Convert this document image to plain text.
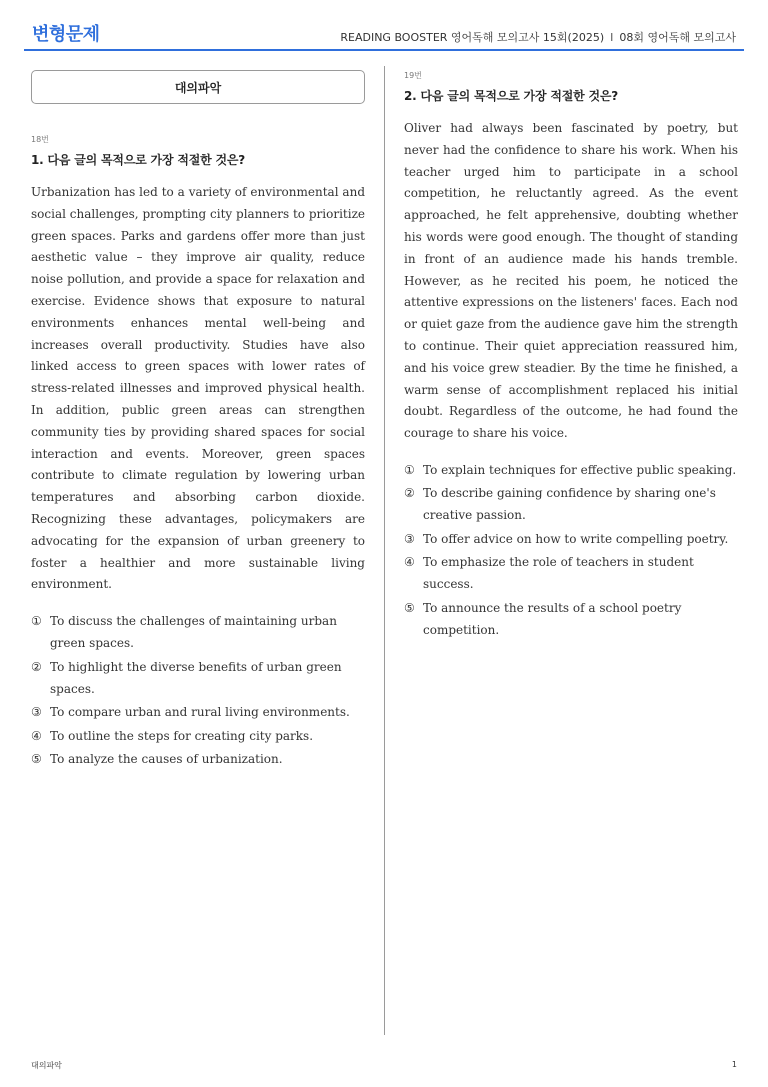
변형문제	READING BOOSTER 영어독해 모의고사 15회(2025) I 08회 영어독해 모의고사
대의파악
18번
1. 다음 글의 목적으로 가장 적절한 것은?

Urbanization has led to a variety of environmental and social challenges, prompting city planners to prioritize green spaces. Parks and gardens offer more than just aesthetic value – they improve air quality, reduce noise pollution, and provide a space for relaxation and exercise. Evidence shows that exposure to natural environments enhances mental well-being and increases overall productivity. Studies have also linked access to green spaces with lower rates of stress-related illnesses and improved physical health. In addition, public green areas can strengthen community ties by providing shared spaces for social interaction and events. Moreover, green spaces contribute to climate regulation by lowering urban temperatures and absorbing carbon dioxide. Recognizing these advantages, policymakers are advocating for the expansion of urban greenery to foster a healthier and more sustainable living environment.

① To discuss the challenges of maintaining urban green spaces.
② To highlight the diverse benefits of urban green spaces.
③ To compare urban and rural living environments.
④ To outline the steps for creating city parks.
⑤ To analyze the causes of urbanization.
19번
2. 다음 글의 목적으로 가장 적절한 것은?

Oliver had always been fascinated by poetry, but never had the confidence to share his work. When his teacher urged him to participate in a school competition, he reluctantly agreed. As the event approached, he felt apprehensive, doubting whether his words were good enough. The thought of standing in front of an audience made his hands tremble. However, as he recited his poem, he noticed the attentive expressions on the listeners' faces. Each nod or quiet gaze from the audience gave him the strength to continue. Their quiet appreciation reassured him, and his voice grew steadier. By the time he finished, a warm sense of accomplishment replaced his initial doubt. Regardless of the outcome, he had found the courage to share his voice.

① To explain techniques for effective public speaking.
② To describe gaining confidence by sharing one's creative passion.
③ To offer advice on how to write compelling poetry.
④ To emphasize the role of teachers in student success.
⑤ To announce the results of a school poetry competition.
대의파악	1
